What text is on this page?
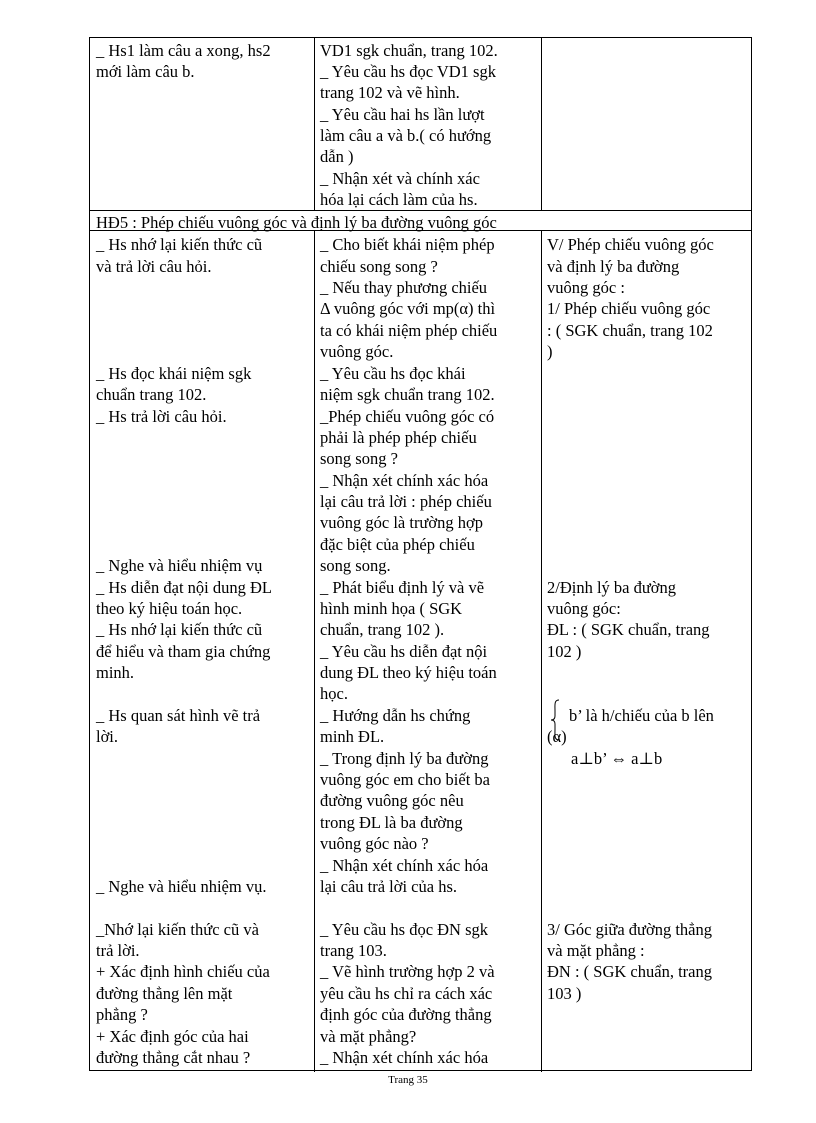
_ Hs1 làm câu a xong, hs2
mới làm câu b.
VD1 sgk chuẩn, trang 102.
_ Yêu cầu hs đọc VD1 sgk
trang 102 và vẽ hình.
_ Yêu cầu hai hs lần lượt
làm câu a và b.( có hướng
dẫn )
_ Nhận xét và chính xác
hóa lại cách làm của hs.
HĐ5 : Phép chiếu vuông góc và định lý ba đường vuông góc
_ Hs nhớ lại kiến thức cũ
và trả lời câu hỏi.
_ Hs đọc khái niệm sgk
chuẩn trang 102.
_ Hs trả lời câu hỏi.
_ Nghe và hiểu nhiệm vụ
_ Hs diễn đạt nội dung ĐL
theo ký hiệu toán học.
_ Hs nhớ lại kiến thức cũ
để hiểu và tham gia chứng
minh.
_ Hs quan sát hình vẽ trả
lời.
_ Nghe và hiểu nhiệm vụ.
_Nhớ lại kiến thức cũ và
trả lời.
+ Xác định hình chiếu của
đường thẳng lên mặt
phẳng ?
+ Xác định góc của hai
đường thẳng cắt nhau ?
_ Cho biết khái niệm phép
chiếu song song ?
_ Nếu thay phương chiếu
Δ vuông góc với mp(α) thì
ta có khái niệm phép chiếu
vuông góc.
_ Yêu cầu hs đọc khái
niệm sgk chuẩn trang 102.
_Phép chiếu vuông góc có
phải là phép phép chiếu
song song ?
_ Nhận xét chính xác hóa
lại câu trả lời : phép chiếu
vuông góc là trường hợp
đặc biệt của phép chiếu
song song.
_ Phát biểu định lý và vẽ
hình minh họa ( SGK
chuẩn, trang 102 ).
_ Yêu cầu hs diễn đạt nội
dung ĐL theo ký hiệu toán
học.
_ Hướng dẫn hs chứng
minh ĐL.
_ Trong định lý ba đường
vuông góc em cho biết ba
đường vuông góc nêu
trong ĐL là ba đường
vuông góc nào ?
_ Nhận xét chính xác hóa
lại câu trả lời của hs.
_ Yêu cầu hs đọc ĐN sgk
trang 103.
_ Vẽ hình trường hợp 2 và
yêu cầu hs chỉ ra cách xác
định góc của đường thẳng
và mặt phẳng?
_ Nhận xét chính xác hóa
V/ Phép chiếu vuông góc
và định lý ba đường
vuông góc :
1/ Phép chiếu vuông góc
: ( SGK chuẩn, trang 102
)
2/Định lý ba đường
vuông góc:
ĐL : ( SGK chuẩn, trang
102 )
b’ là h/chiếu của b lên
(α)
a⊥b’ ⇔ a⊥b
3/ Góc giữa đường thẳng
và mặt phẳng :
ĐN : ( SGK chuẩn, trang
103 )
Trang 35
